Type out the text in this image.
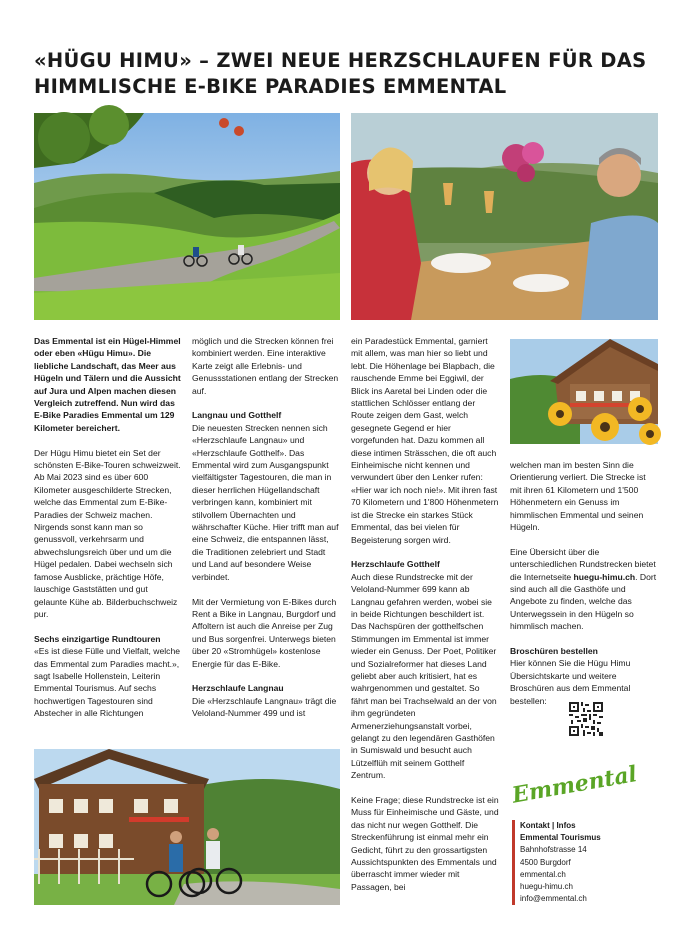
«HÜGU HIMU» – ZWEI NEUE HERZSCHLAUFEN FÜR DAS HIMMLISCHE E-BIKE PARADIES EMMENTAL

Das Emmental ist ein Hügel-Himmel oder eben «Hügu Himu». Die liebliche Landschaft, das Meer aus Hügeln und Tälern und die Aussicht auf Jura und Alpen machen diesen Vergleich zutreffend. Nun wird das E-Bike Paradies Emmental um 129 Kilometer bereichert.

Der Hügu Himu bietet ein Set der schönsten E-Bike-Touren schweizweit. Ab Mai 2023 sind es über 600 Kilometer ausgeschilderte Strecken, welche das Emmental zum E-Bike-Paradies der Schweiz machen. Nirgends sonst kann man so genussvoll, verkehrsarm und abwechslungsreich über und um die Hügel pedalen. Dabei wechseln sich famose Ausblicke, prächtige Höfe, lauschige Gaststätten und gut gelaunte Kühe ab. Bilderbuchschweiz pur.

Sechs einzigartige Rundtouren

«Es ist diese Fülle und Vielfalt, welche das Emmental zum Paradies macht.», sagt Isabelle Hollenstein, Leiterin Emmental Tourismus. Auf sechs hochwertigen Tagestouren sind Abstecher in alle Richtungen

möglich und die Strecken können frei kombiniert werden. Eine interaktive Karte zeigt alle Erlebnis- und Genussstationen entlang der Strecken auf.

Langnau und Gotthelf

Die neuesten Strecken nennen sich «Herzschlaufe Langnau» und «Herzschlaufe Gotthelf». Das Emmental wird zum Ausgangspunkt vielfältigster Tagestouren, die man in dieser herrlichen Hügellandschaft verbringen kann, kombiniert mit stilvollem Übernachten und währschafter Küche. Hier trifft man auf eine Schweiz, die entspannen lässt, die Traditionen zelebriert und Stadt und Land auf besondere Weise verbindet.

Mit der Vermietung von E-Bikes durch Rent a Bike in Langnau, Burgdorf und Affoltern ist auch die Anreise per Zug und Bus sorgenfrei. Unterwegs bieten über 20 «Stromhügel» kostenlose Energie für das E-Bike.

Herzschlaufe Langnau

Die «Herzschlaufe Langnau» trägt die Veloland-Nummer 499 und ist

ein Paradestück Emmental, garniert mit allem, was man hier so liebt und lebt. Die Höhenlage bei Blapbach, die rauschende Emme bei Eggiwil, der Blick ins Aaretal bei Linden oder die stattlichen Schlösser entlang der Route zeigen dem Gast, welch gesegnete Gegend er hier vorgefunden hat. Dazu kommen all diese intimen Strässchen, die oft auch Einheimische nicht kennen und verwundert über den Lenker rufen: «Hier war ich noch nie!». Mit ihren fast 70 Kilometern und 1'800 Höhenmetern ist die Strecke ein starkes Stück Emmental, das bei vielen für Begeisterung sorgen wird.

Herzschlaufe Gotthelf

Auch diese Rundstrecke mit der Veloland-Nummer 699 kann ab Langnau gefahren werden, wobei sie in beide Richtungen beschildert ist. Das Nachspüren der gotthelfschen Stimmungen im Emmental ist immer wieder ein Genuss. Der Poet, Politiker und Sozialreformer hat dieses Land geliebt aber auch kritisiert, hat es wahrgenommen und gestaltet. So fährt man bei Trachselwald an der von ihm gegründeten Armenerziehungsanstalt vorbei, gelangt zu den legendären Gasthöfen in Sumiswald und besucht auch Lützelflüh mit seinem Gotthelf Zentrum.

Keine Frage; diese Rundstrecke ist ein Muss für Einheimische und Gäste, und das nicht nur wegen Gotthelf. Die Streckenführung ist einmal mehr ein Gedicht, führt zu den grossartigsten Aussichtspunkten des Emmentals und überrascht immer wieder mit Passagen, bei

welchen man im besten Sinn die Orientierung verliert. Die Strecke ist mit ihren 61 Kilometern und 1'500 Höhenmetern ein Genuss im himmlischen Emmental und seinen Hügeln.

Eine Übersicht über die unterschiedlichen Rundstrecken bietet die Internetseite huegu-himu.ch. Dort sind auch all die Gasthöfe und Angebote zu finden, welche das Unterwegssein in den Hügeln so himmlisch machen.

Broschüren bestellen

Hier können Sie die Hügu Himu Übersichtskarte und weitere Broschüren aus dem Emmental bestellen:

Emmental
Kontakt | Infos
Emmental Tourismus
Bahnhofstrasse 14
4500 Burgdorf
emmental.ch
huegu-himu.ch
info@emmental.ch
